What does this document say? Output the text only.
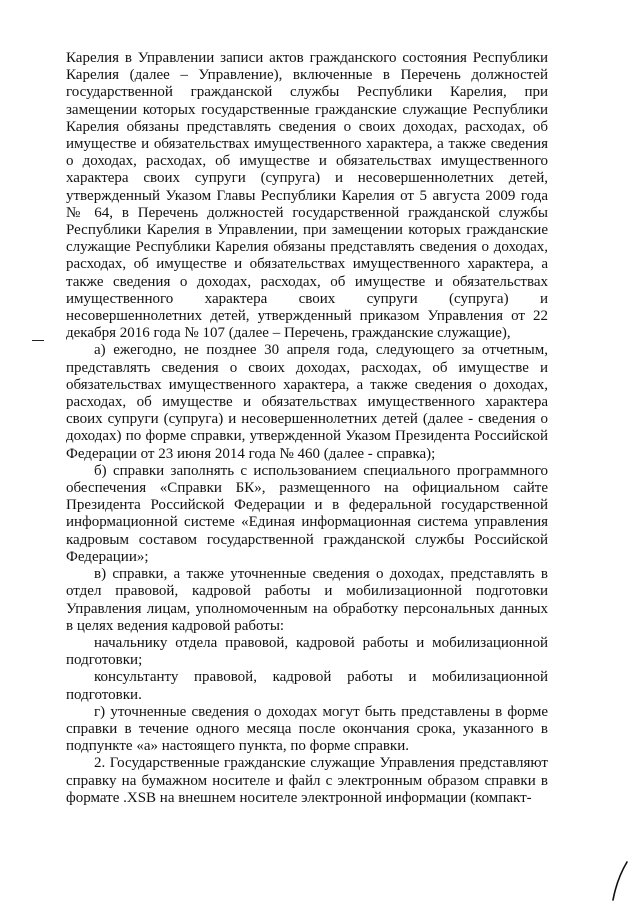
Карелия в Управлении записи актов гражданского состояния Республики Карелия (далее – Управление), включенные в Перечень должностей государственной гражданской службы Республики Карелия, при замещении которых государственные гражданские служащие Республики Карелия обязаны представлять сведения о своих доходах, расходах, об имуществе и обязательствах имущественного характера, а также сведения о доходах, расходах, об имуществе и обязательствах имущественного характера своих супруги (супруга) и несовершеннолетних детей, утвержденный Указом Главы Республики Карелия от 5 августа 2009 года № 64, в Перечень должностей государственной гражданской службы Республики Карелия в Управлении, при замещении которых гражданские служащие Республики Карелия обязаны представлять сведения о доходах, расходах, об имуществе и обязательствах имущественного характера, а также сведения о доходах, расходах, об имуществе и обязательствах имущественного характера своих супруги (супруга) и несовершеннолетних детей, утвержденный приказом Управления от 22 декабря 2016 года № 107 (далее – Перечень, гражданские служащие),

а) ежегодно, не позднее 30 апреля года, следующего за отчетным, представлять сведения о своих доходах, расходах, об имуществе и обязательствах имущественного характера, а также сведения о доходах, расходах, об имуществе и обязательствах имущественного характера своих супруги (супруга) и несовершеннолетних детей (далее - сведения о доходах) по форме справки, утвержденной Указом Президента Российской Федерации от 23 июня 2014 года № 460 (далее - справка);

б) справки заполнять с использованием специального программного обеспечения «Справки БК», размещенного на официальном сайте Президента Российской Федерации и в федеральной государственной информационной системе «Единая информационная система управления кадровым составом государственной гражданской службы Российской Федерации»;

в) справки, а также уточненные сведения о доходах, представлять в отдел правовой, кадровой работы и мобилизационной подготовки Управления лицам, уполномоченным на обработку персональных данных в целях ведения кадровой работы:

начальнику отдела правовой, кадровой работы и мобилизационной подготовки;

консультанту правовой, кадровой работы и мобилизационной подготовки.

г) уточненные сведения о доходах могут быть представлены в форме справки в течение одного месяца после окончания срока, указанного в подпункте «а» настоящего пункта, по форме справки.

2. Государственные гражданские служащие Управления представляют справку на бумажном носителе и файл с электронным образом справки в формате .XSB на внешнем носителе электронной информации (компакт-
